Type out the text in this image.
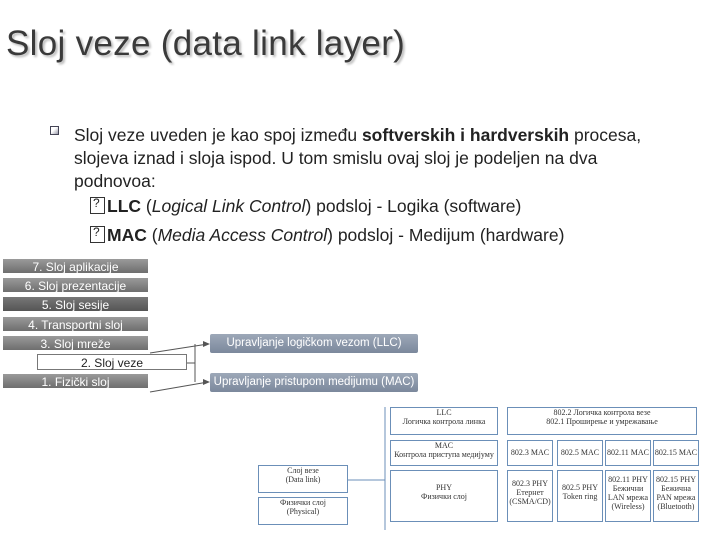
Sloj veze (data link layer)
Sloj veze uveden je kao spoj između softverskih i hardverskih procesa, slojeva iznad i sloja ispod. U tom smislu ovaj sloj je podeljen na dva podnovoa:
?LLC (Logical Link Control) podsloj - Logika (software)
?MAC (Media Access Control) podsloj - Medijum (hardware)
7. Sloj aplikacije
6. Sloj prezentacije
5. Sloj sesije
4. Transportni sloj
3. Sloj mreže
2. Sloj veze
1. Fizički sloj
Upravljanje logičkom vezom (LLC)
Upravljanje pristupom medijumu (MAC)
LLC
Логичка контрола линка
802.2 Логичка контрола везе
802.1 Проширење и умрежавање
MAC
Контрола приступа медијуму	802.3 MAC	802.5 MAC 802.11 MAC 802.15 MAC
Слој везе
(Data link)
Физички слој
(Physical)
PHY
Физички слој
802.3 PHY
Етернет
(CSMA/CD)
802.5 PHY
Token ring
802.11 PHY
Бежични
LAN мрежа
(Wireless)
802.15 PHY
Бежична
PAN мрежа
(Bluetooth)
